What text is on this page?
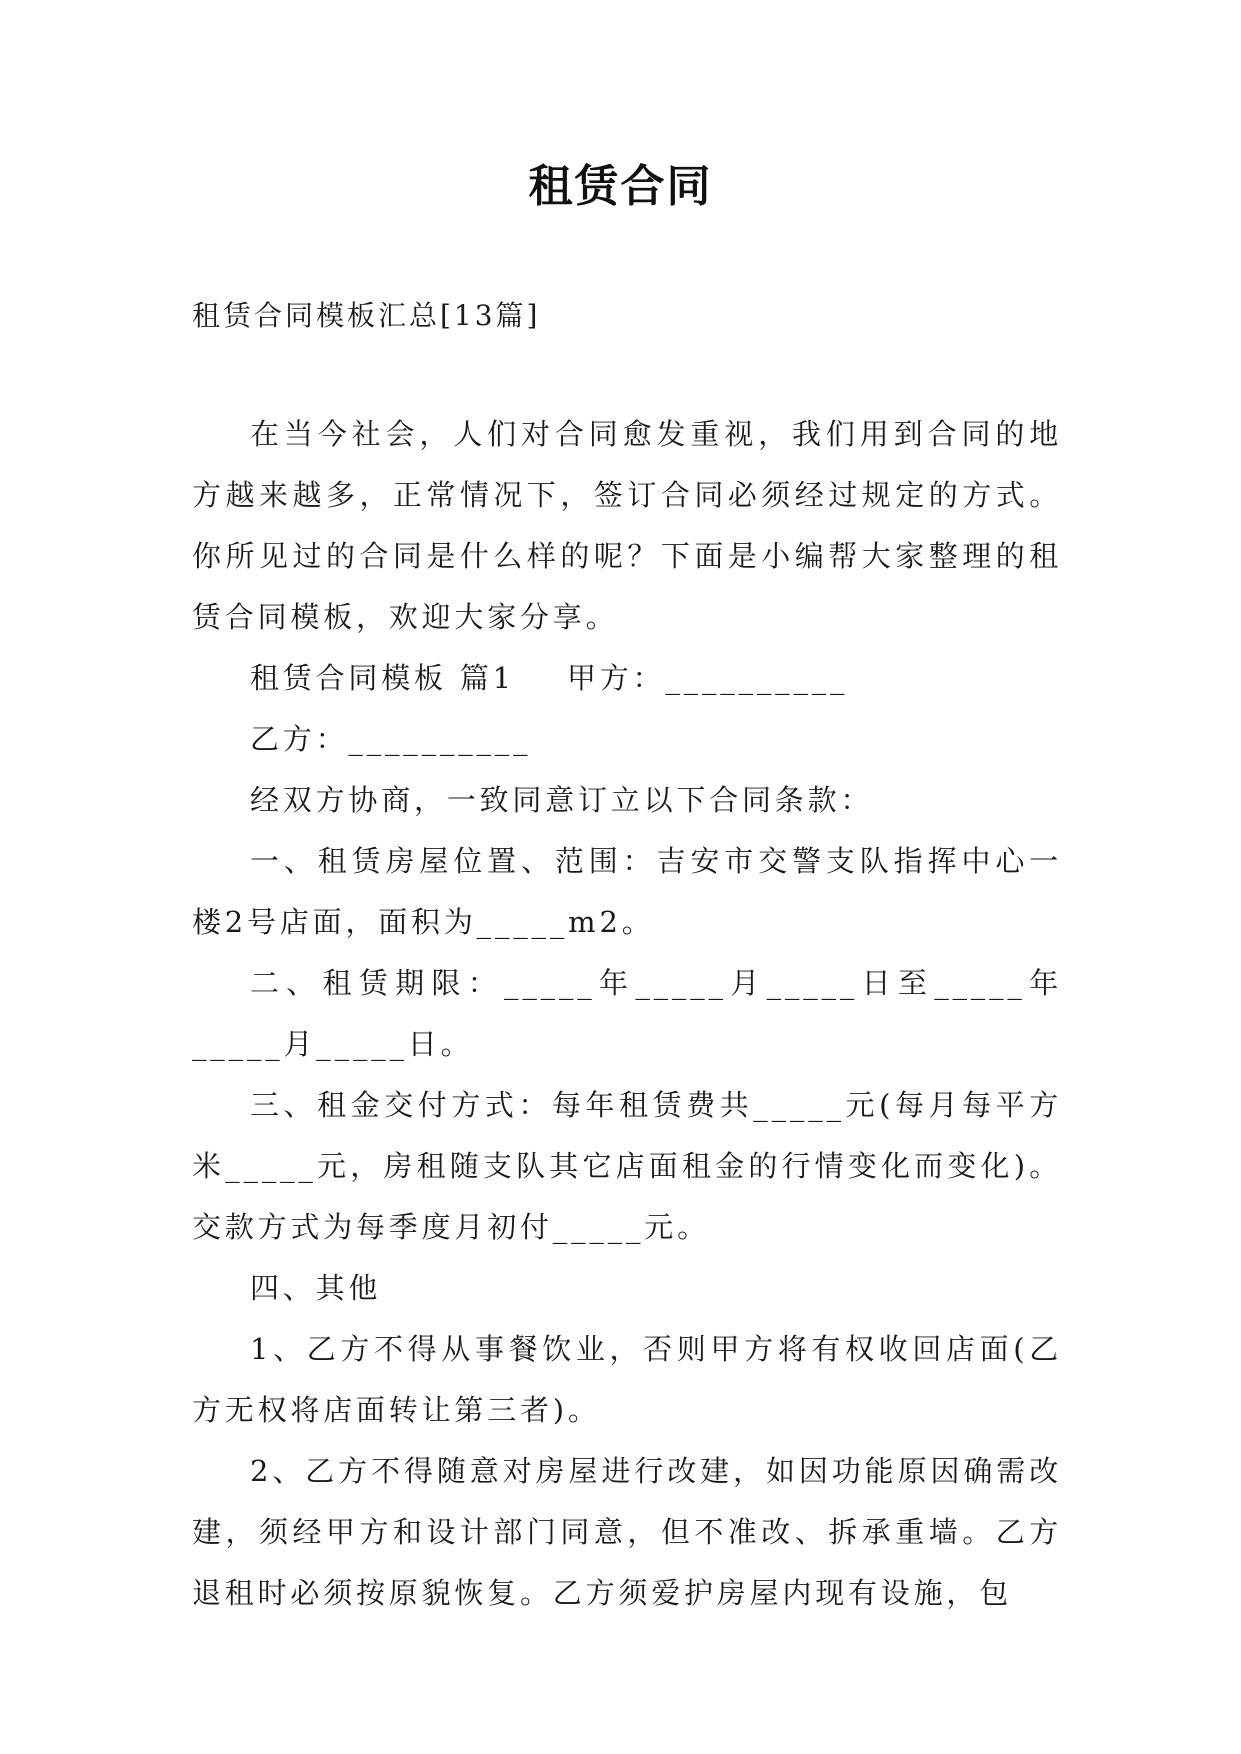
租赁合同
租赁合同模板汇总[13篇]

在当今社会，人们对合同愈发重视，我们用到合同的地方越来越多，正常情况下，签订合同必须经过规定的方式。你所见过的合同是什么样的呢？下面是小编帮大家整理的租赁合同模板，欢迎大家分享。

租赁合同模板 篇1    甲方：__________

乙方：__________

经双方协商，一致同意订立以下合同条款：

一、租赁房屋位置、范围：吉安市交警支队指挥中心一楼2号店面，面积为_____m2。

二、租赁期限：_____年_____月_____日至_____年_____月_____日。

三、租金交付方式：每年租赁费共_____元(每月每平方米_____元，房租随支队其它店面租金的行情变化而变化)。交款方式为每季度月初付_____元。

四、其他

1、乙方不得从事餐饮业，否则甲方将有权收回店面(乙方无权将店面转让第三者)。

2、乙方不得随意对房屋进行改建，如因功能原因确需改建，须经甲方和设计部门同意，但不准改、拆承重墙。乙方退租时必须按原貌恢复。乙方须爱护房屋内现有设施，包
